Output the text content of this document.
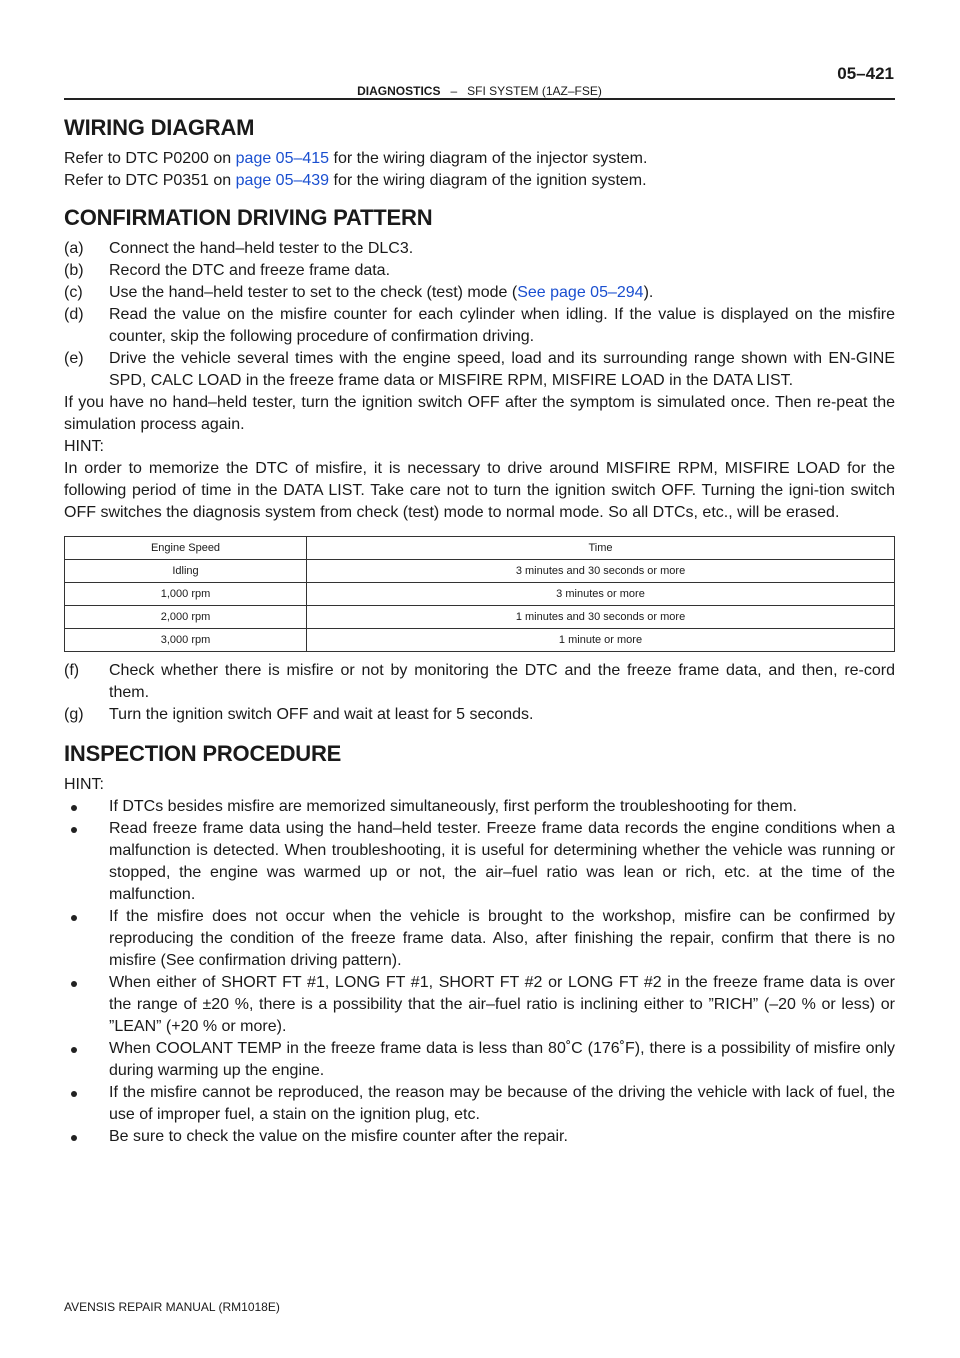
05–421
DIAGNOSTICS – SFI SYSTEM (1AZ–FSE)
WIRING DIAGRAM

Refer to DTC P0200 on page 05–415 for the wiring diagram of the injector system.

Refer to DTC P0351 on page 05–439 for the wiring diagram of the ignition system.

CONFIRMATION DRIVING PATTERN
(a) Connect the hand–held tester to the DLC3.
(b) Record the DTC and freeze frame data.
(c) Use the hand–held tester to set to the check (test) mode (See page 05–294).
(d) Read the value on the misfire counter for each cylinder when idling. If the value is displayed on the misfire counter, skip the following procedure of confirmation driving.
(e) Drive the vehicle several times with the engine speed, load and its surrounding range shown with EN-GINE SPD, CALC LOAD in the freeze frame data or MISFIRE RPM, MISFIRE LOAD in the DATA LIST.

If you have no hand–held tester, turn the ignition switch OFF after the symptom is simulated once. Then re-peat the simulation process again.

HINT:

In order to memorize the DTC of misfire, it is necessary to drive around MISFIRE RPM, MISFIRE LOAD for the following period of time in the DATA LIST. Take care not to turn the ignition switch OFF. Turning the igni-tion switch OFF switches the diagnosis system from check (test) mode to normal mode. So all DTCs, etc., will be erased.

Engine Speed	Time
Idling	3 minutes and 30 seconds or more
1,000 rpm	3 minutes or more
2,000 rpm	1 minutes and 30 seconds or more
3,000 rpm	1 minute or more
(f) Check whether there is misfire or not by monitoring the DTC and the freeze frame data, and then, re-cord them.
(g) Turn the ignition switch OFF and wait at least for 5 seconds.
INSPECTION PROCEDURE

HINT:

If DTCs besides misfire are memorized simultaneously, first perform the troubleshooting for them.
Read freeze frame data using the hand–held tester. Freeze frame data records the engine conditions when a malfunction is detected. When troubleshooting, it is useful for determining whether the vehicle was running or stopped, the engine was warmed up or not, the air–fuel ratio was lean or rich, etc. at the time of the malfunction.
If the misfire does not occur when the vehicle is brought to the workshop, misfire can be confirmed by reproducing the condition of the freeze frame data. Also, after finishing the repair, confirm that there is no misfire (See confirmation driving pattern).
When either of SHORT FT #1, LONG FT #1, SHORT FT #2 or LONG FT #2 in the freeze frame data is over the range of ±20 %, there is a possibility that the air–fuel ratio is inclining either to ”RICH” (–20 % or less) or ”LEAN” (+20 % or more).
When COOLANT TEMP in the freeze frame data is less than 80˚C (176˚F), there is a possibility of misfire only during warming up the engine.
If the misfire cannot be reproduced, the reason may be because of the driving the vehicle with lack of fuel, the use of improper fuel, a stain on the ignition plug, etc.
Be sure to check the value on the misfire counter after the repair.
AVENSIS REPAIR MANUAL (RM1018E)
